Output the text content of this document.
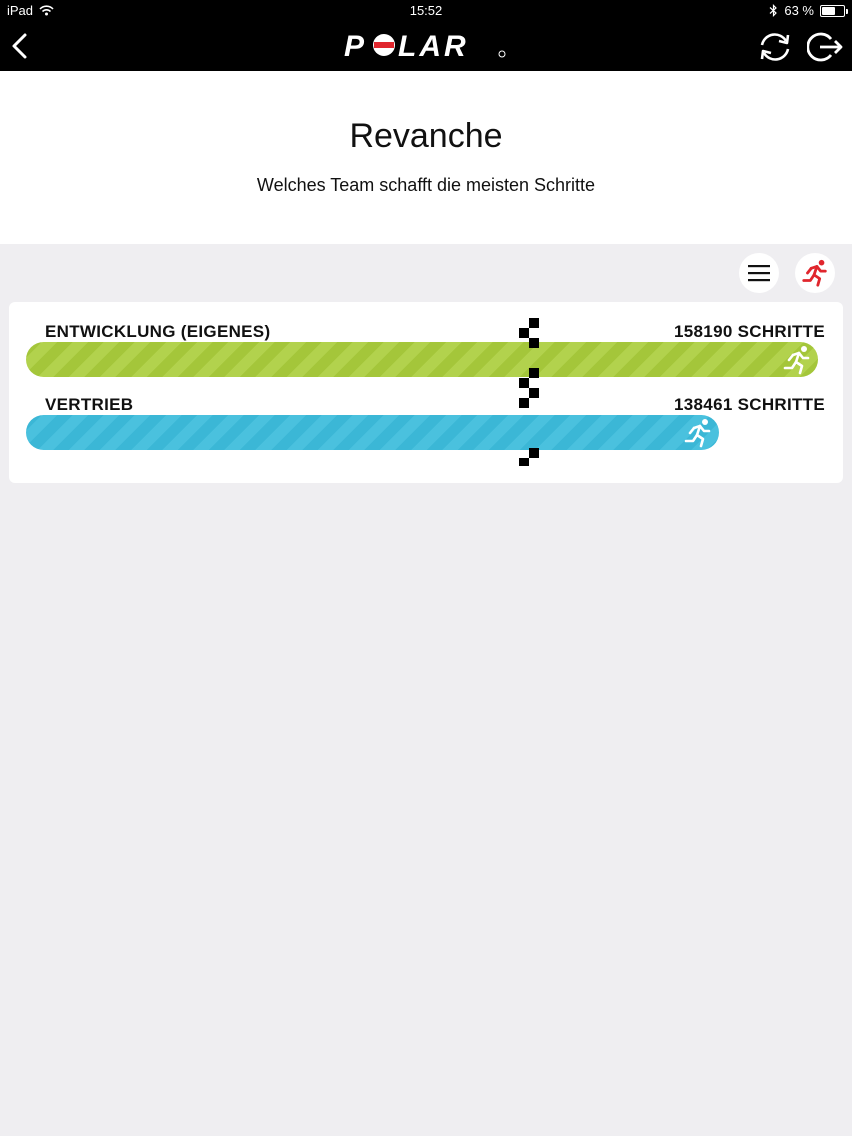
iPad	15:52	63 %
P LAR
Revanche
Welches Team schafft die meisten Schritte
ENTWICKLUNG (EIGENES)	158190 SCHRITTE
VERTRIEB	138461 SCHRITTE
